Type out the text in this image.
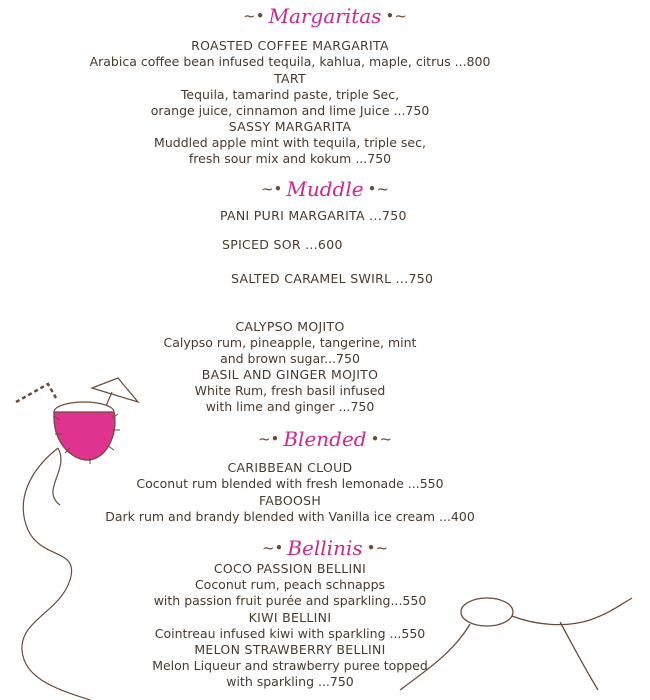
~• Margaritas •~
ROASTED COFFEE MARGARITA
Arabica coffee bean infused tequila, kahlua, maple, citrus ...800
TART
Tequila, tamarind paste, triple Sec,
orange juice, cinnamon and lime Juice ...750
SASSY MARGARITA
Muddled apple mint with tequila, triple sec,
fresh sour mix and kokum ...750
~• Muddle •~
PANI PURI MARGARITA ...750
SPICED SOR ...600
SALTED CARAMEL SWIRL ...750
CALYPSO MOJITO
Calypso rum, pineapple, tangerine, mint
and brown sugar...750
BASIL AND GINGER MOJITO
White Rum, fresh basil infused
with lime and ginger ...750
~• Blended •~
CARIBBEAN CLOUD
Coconut rum blended with fresh lemonade ...550
FABOOSH
Dark rum and brandy blended with Vanilla ice cream ...400
~• Bellinis •~
COCO PASSION BELLINI
Coconut rum, peach schnapps
with passion fruit purée and sparkling...550
KIWI BELLINI
Cointreau infused kiwi with sparkling ...550
MELON STRAWBERRY BELLINI
Melon Liqueur and strawberry puree topped
with sparkling ...750
